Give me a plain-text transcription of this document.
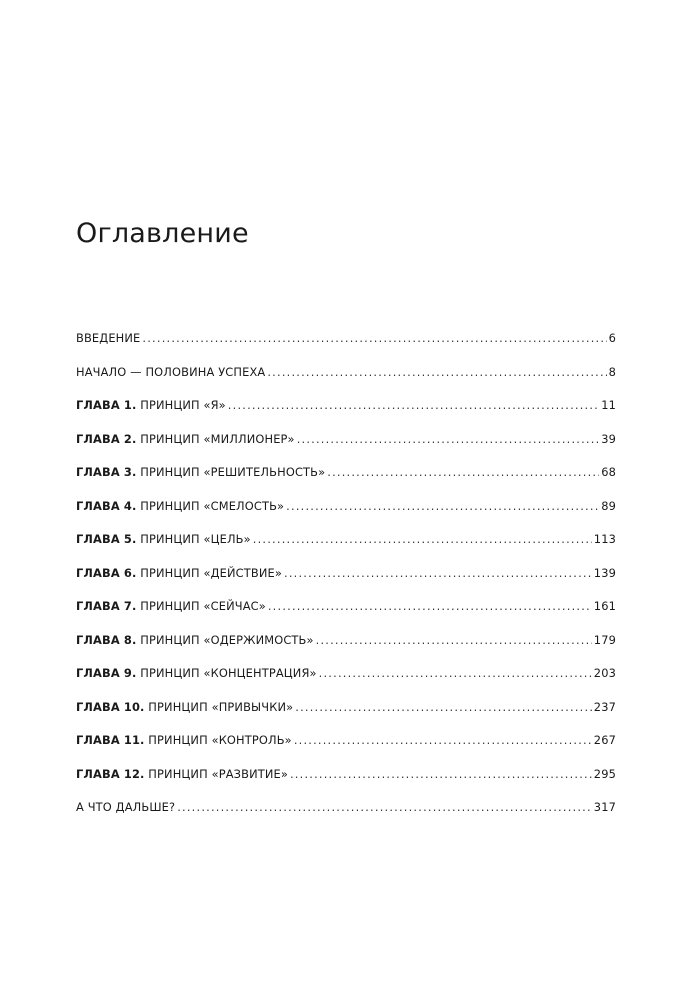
Оглавление
ВВЕДЕНИЕ .....	6
НАЧАЛО — ПОЛОВИНА УСПЕХА .....	8
ГЛАВА 1. ПРИНЦИП «Я» .....	11
ГЛАВА 2. ПРИНЦИП «МИЛЛИОНЕР» .....	39
ГЛАВА 3. ПРИНЦИП «РЕШИТЕЛЬНОСТЬ» .....	68
ГЛАВА 4. ПРИНЦИП «СМЕЛОСТЬ» .....	89
ГЛАВА 5. ПРИНЦИП «ЦЕЛЬ» .....	113
ГЛАВА 6. ПРИНЦИП «ДЕЙСТВИЕ» .....	139
ГЛАВА 7. ПРИНЦИП «СЕЙЧАС» .....	161
ГЛАВА 8. ПРИНЦИП «ОДЕРЖИМОСТЬ» .....	179
ГЛАВА 9. ПРИНЦИП «КОНЦЕНТРАЦИЯ» .....	203
ГЛАВА 10. ПРИНЦИП «ПРИВЫЧКИ» .....	237
ГЛАВА 11. ПРИНЦИП «КОНТРОЛЬ» .....	267
ГЛАВА 12. ПРИНЦИП «РАЗВИТИЕ» .....	295
А ЧТО ДАЛЬШЕ? .....	317
